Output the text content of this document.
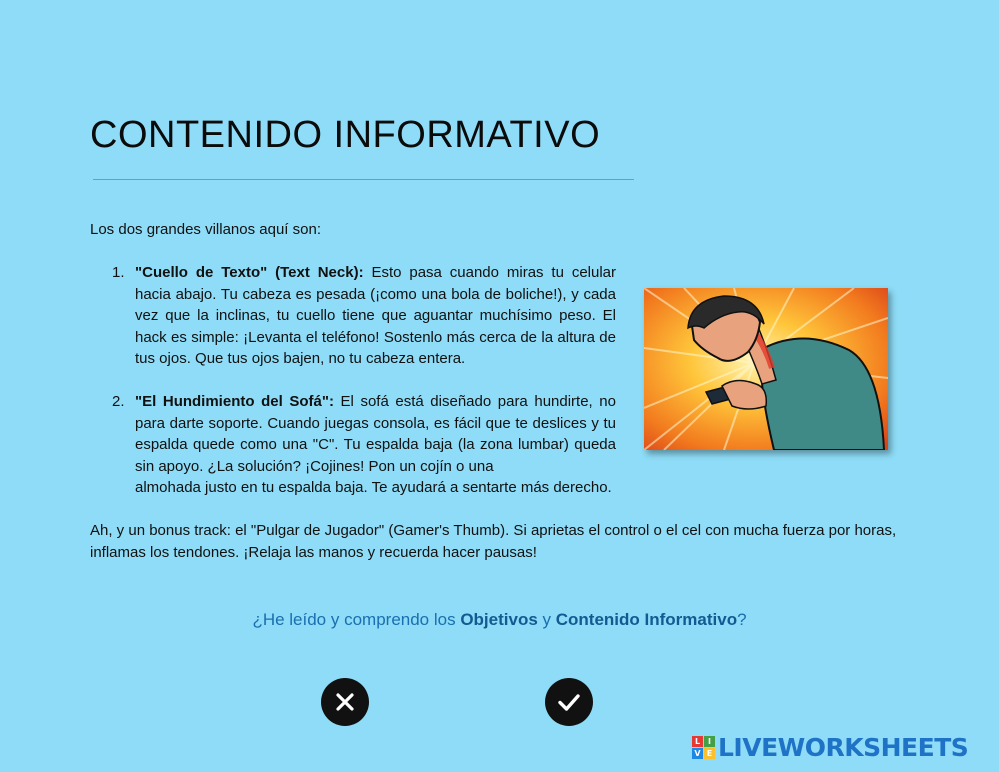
CONTENIDO INFORMATIVO
Los dos grandes villanos aquí son:
1. "Cuello de Texto" (Text Neck): Esto pasa cuando miras tu celular hacia abajo. Tu cabeza es pesada (¡como una bola de boliche!), y cada vez que la inclinas, tu cuello tiene que aguantar muchísimo peso. El hack es simple: ¡Levanta el teléfono! Sostenlo más cerca de la altura de tus ojos. Que tus ojos bajen, no tu cabeza entera.
2. "El Hundimiento del Sofá": El sofá está diseñado para hundirte, no para darte soporte. Cuando juegas consola, es fácil que te deslices y tu espalda quede como una "C". Tu espalda baja (la zona lumbar) queda sin apoyo. ¿La solución? ¡Cojines! Pon un cojín o una
almohada justo en tu espalda baja. Te ayudará a sentarte más derecho.
Ah, y un bonus track: el "Pulgar de Jugador" (Gamer's Thumb). Si aprietas el control o el cel con mucha fuerza por horas, inflamas los tendones. ¡Relaja las manos y recuerda hacer pausas!
¿He leído y comprendo los Objetivos y Contenido Informativo?
L I
V E LIVEWORKSHEETS
